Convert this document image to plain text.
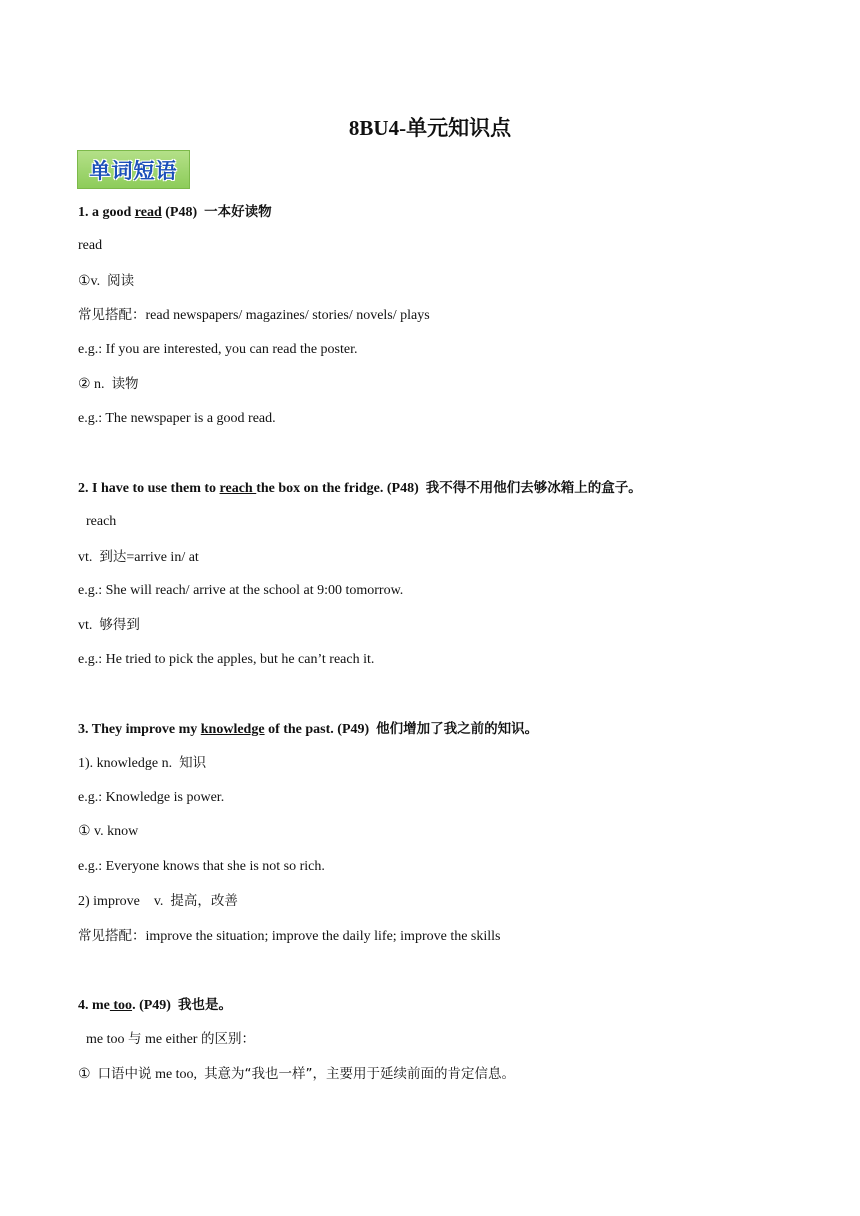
8BU4-单元知识点
单词短语
1. a good read (P48) 一本好读物
read
①v. 阅读
常见搭配：read newspapers/ magazines/ stories/ novels/ plays
e.g.: If you are interested, you can read the poster.
② n. 读物
e.g.: The newspaper is a good read.
2. I have to use them to reach the box on the fridge. (P48) 我不得不用他们去够冰箱上的盒子。
reach
vt. 到达=arrive in/ at
e.g.: She will reach/ arrive at the school at 9:00 tomorrow.
vt. 够得到
e.g.: He tried to pick the apples, but he can’t reach it.
3. They improve my knowledge of the past. (P49) 他们增加了我之前的知识。
1). knowledge n. 知识
e.g.: Knowledge is power.
① v. know
e.g.: Everyone knows that she is not so rich.
2) improve    v. 提高，改善
常见搭配：improve the situation; improve the daily life; improve the skills
4. me too. (P49) 我也是。
me too 与 me either 的区别：
① 口语中说 me too, 其意为“我也一样”，主要用于延续前面的肯定信息。
